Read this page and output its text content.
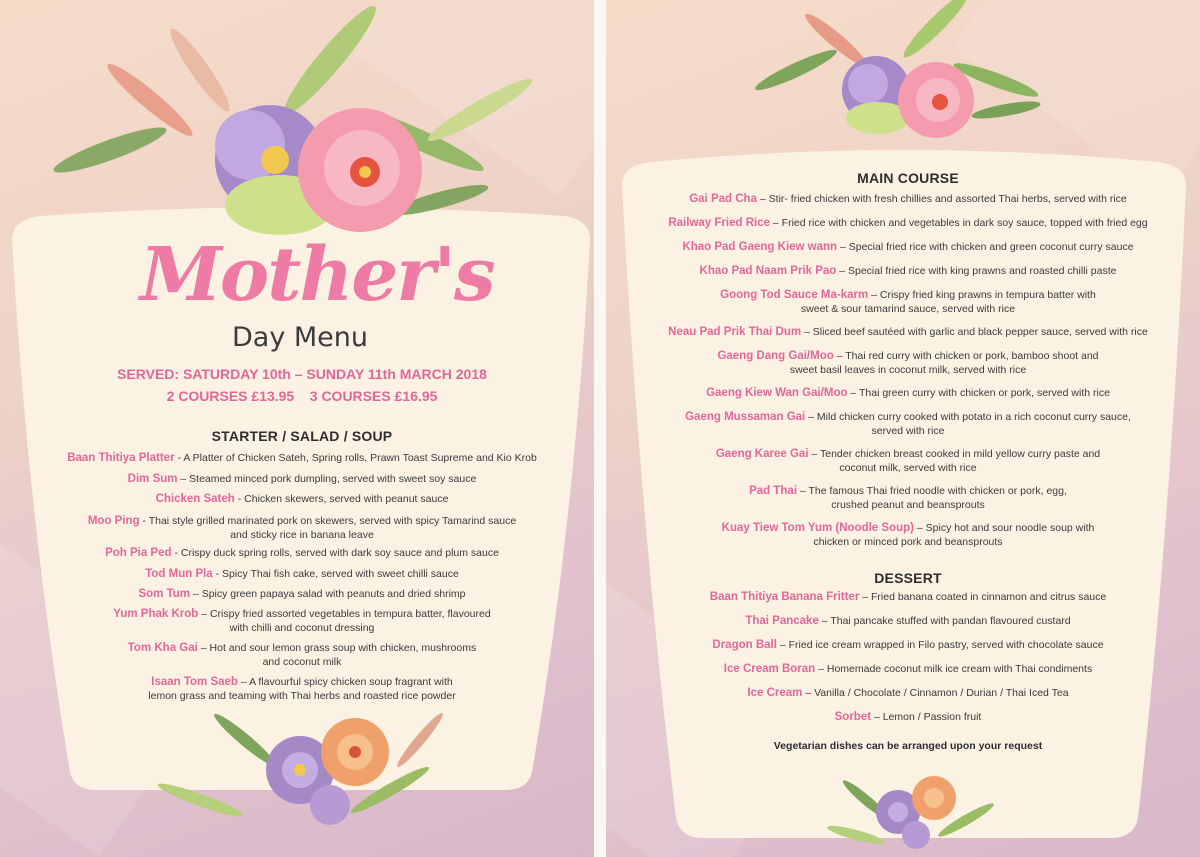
Mother's
Day Menu
SERVED: SATURDAY 10th – SUNDAY 11th MARCH 2018
2 COURSES £13.95    3 COURSES £16.95
STARTER / SALAD / SOUP
Baan Thitiya Platter - A Platter of Chicken Sateh, Spring rolls, Prawn Toast Supreme and Kio Krob
Dim Sum – Steamed minced pork dumpling, served with sweet soy sauce
Chicken Sateh - Chicken skewers, served with peanut sauce
Moo Ping - Thai style grilled marinated pork on skewers, served with spicy Tamarind sauce
and sticky rice in banana leave
Poh Pia Ped - Crispy duck spring rolls, served with dark soy sauce and plum sauce
Tod Mun Pla - Spicy Thai fish cake, served with sweet chilli sauce
Som Tum – Spicy green papaya salad with peanuts and dried shrimp
Yum Phak Krob – Crispy fried assorted vegetables in tempura batter, flavoured
with chilli and coconut dressing
Tom Kha Gai – Hot and sour lemon grass soup with chicken, mushrooms
and coconut milk
Isaan Tom Saeb – A flavourful spicy chicken soup fragrant with
lemon grass and teaming with Thai herbs and roasted rice powder
MAIN COURSE
Gai Pad Cha – Stir- fried chicken with fresh chillies and assorted Thai herbs, served with rice
Railway Fried Rice – Fried rice with chicken and vegetables in dark soy sauce, topped with fried egg
Khao Pad Gaeng Kiew wann – Special fried rice with chicken and green coconut curry sauce
Khao Pad Naam Prik Pao – Special fried rice with king prawns and roasted chilli paste
Goong Tod Sauce Ma-karm – Crispy fried king prawns in tempura batter with
sweet & sour tamarind sauce, served with rice
Neau Pad Prik Thai Dum – Sliced beef sautéed with garlic and black pepper sauce, served with rice
Gaeng Dang Gai/Moo – Thai red curry with chicken or pork, bamboo shoot and
sweet basil leaves in coconut milk, served with rice
Gaeng Kiew Wan Gai/Moo – Thai green curry with chicken or pork, served with rice
Gaeng Mussaman Gai – Mild chicken curry cooked with potato in a rich coconut curry sauce,
served with rice
Gaeng Karee Gai – Tender chicken breast cooked in mild yellow curry paste and
coconut milk, served with rice
Pad Thai – The famous Thai fried noodle with chicken or pork, egg,
crushed peanut and beansprouts
Kuay Tiew Tom Yum (Noodle Soup) – Spicy hot and sour noodle soup with
chicken or minced pork and beansprouts
DESSERT
Baan Thitiya Banana Fritter – Fried banana coated in cinnamon and citrus sauce
Thai Pancake – Thai pancake stuffed with pandan flavoured custard
Dragon Ball – Fried ice cream wrapped in Filo pastry, served with chocolate sauce
Ice Cream Boran – Homemade coconut milk ice cream with Thai condiments
Ice Cream – Vanilla / Chocolate / Cinnamon / Durian / Thai Iced Tea
Sorbet – Lemon / Passion fruit
Vegetarian dishes can be arranged upon your request
